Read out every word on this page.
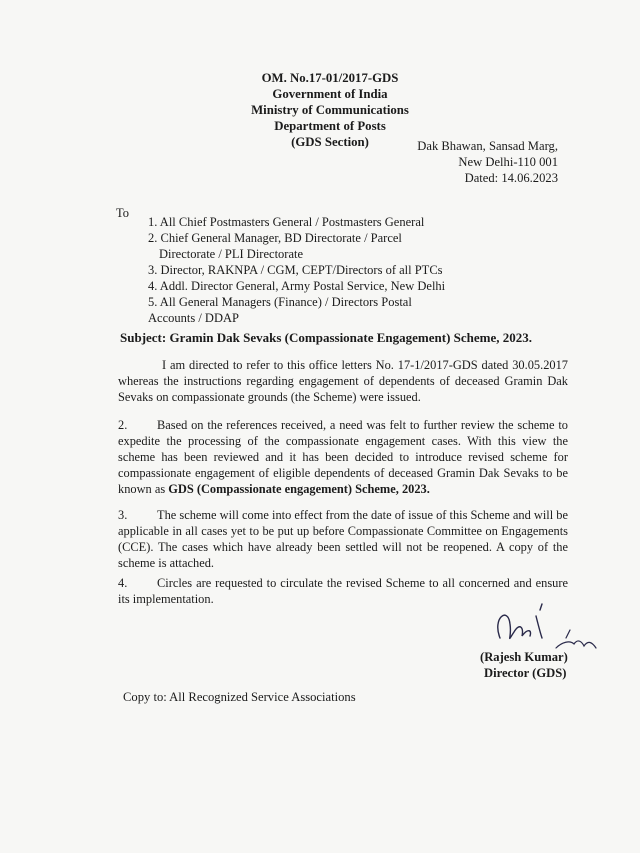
OM. No.17-01/2017-GDS
Government of India
Ministry of Communications
Department of Posts
(GDS Section)	Dak Bhawan, Sansad Marg,
New Delhi-110 001
Dated: 14.06.2023
To
1. All Chief Postmasters General / Postmasters General
2. Chief General Manager, BD Directorate / Parcel
Directorate / PLI Directorate
3. Director, RAKNPA / CGM, CEPT/Directors of all PTCs
4. Addl. Director General, Army Postal Service, New Delhi
5. All General Managers (Finance) / Directors Postal
Accounts / DDAP
Subject: Gramin Dak Sevaks (Compassionate Engagement) Scheme, 2023.
I am directed to refer to this office letters No. 17-1/2017-GDS dated 30.05.2017 whereas the instructions regarding engagement of dependents of deceased Gramin Dak Sevaks on compassionate grounds (the Scheme) were issued.
2. Based on the references received, a need was felt to further review the scheme to expedite the processing of the compassionate engagement cases. With this view the scheme has been reviewed and it has been decided to introduce revised scheme for compassionate engagement of eligible dependents of deceased Gramin Dak Sevaks to be known as GDS (Compassionate engagement) Scheme, 2023.
3. The scheme will come into effect from the date of issue of this Scheme and will be applicable in all cases yet to be put up before Compassionate Committee on Engagements (CCE). The cases which have already been settled will not be reopened. A copy of the scheme is attached.
4. Circles are requested to circulate the revised Scheme to all concerned and ensure its implementation.
(Rajesh Kumar)
Director (GDS)
Copy to: All Recognized Service Associations
